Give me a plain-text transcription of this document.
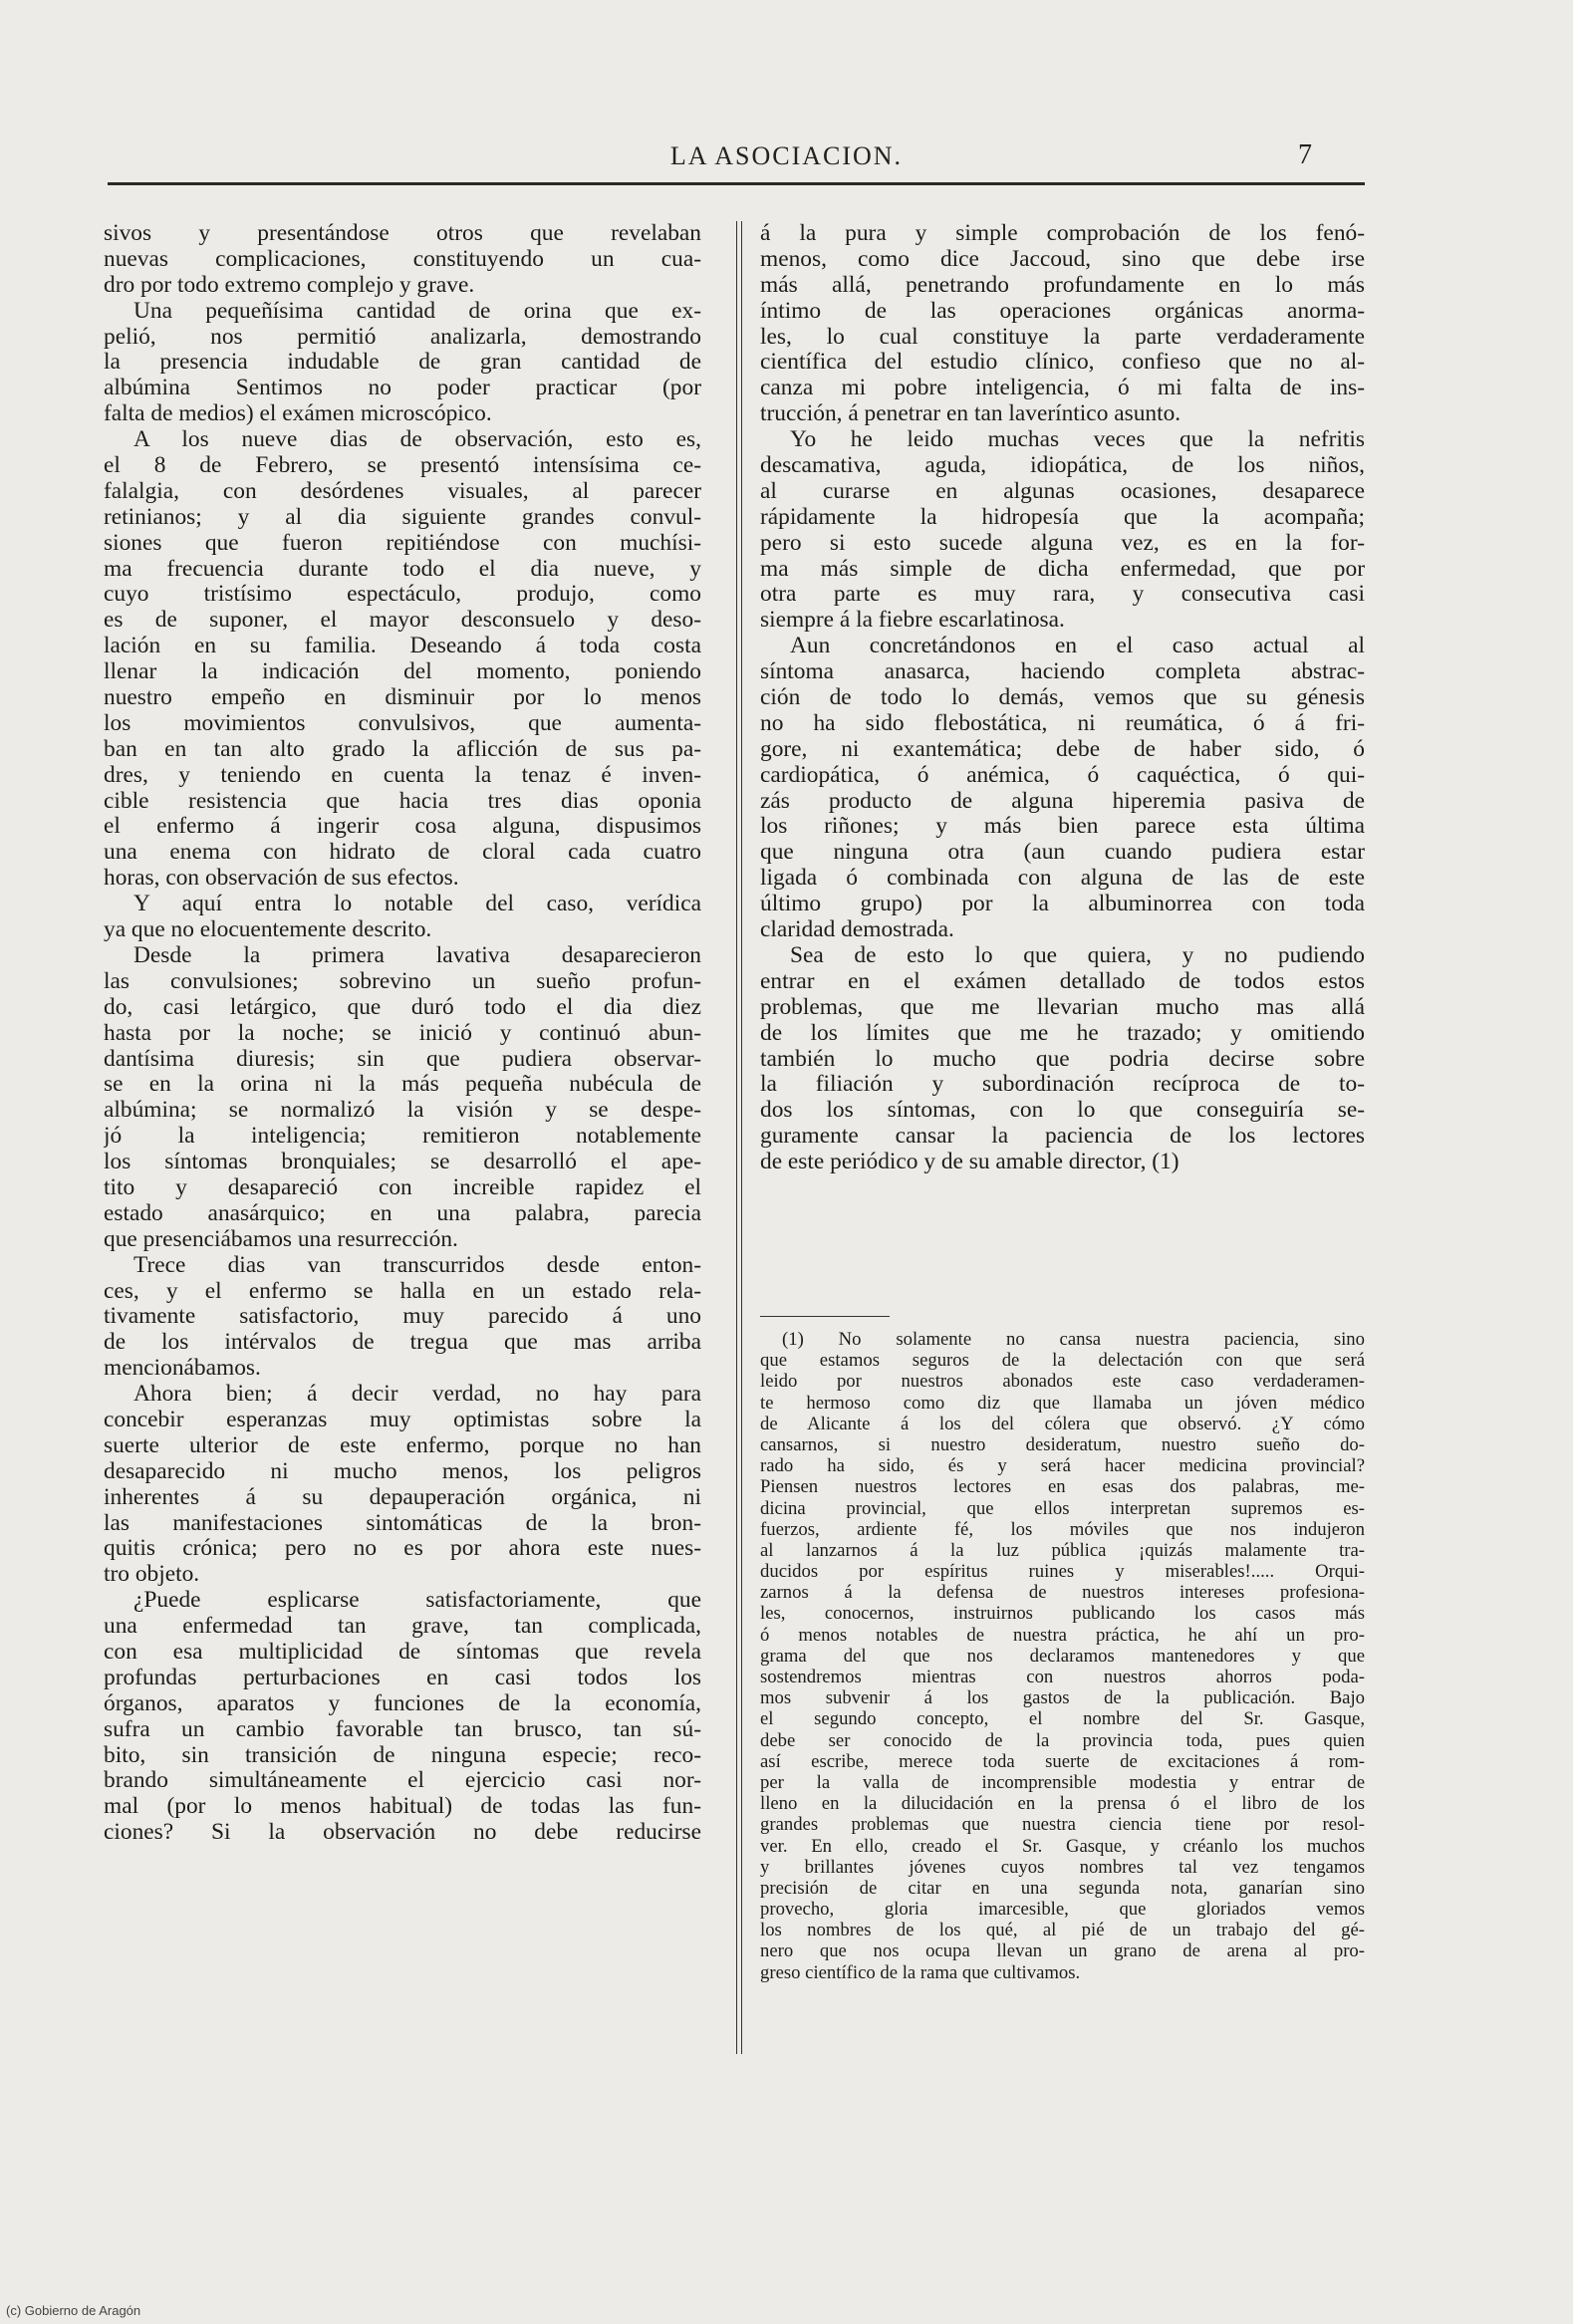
LA ASOCIACION.	7
sivos y presentándose otros que revelaban
nuevas complicaciones, constituyendo un cua-
dro por todo extremo complejo y grave.
Una pequeñísima cantidad de orina que ex-
pelió, nos permitió analizarla, demostrando
la presencia indudable de gran cantidad de
albúmina Sentimos no poder practicar (por
falta de medios) el exámen microscópico.
A los nueve dias de observación, esto es,
el 8 de Febrero, se presentó intensísima ce-
falalgia, con desórdenes visuales, al parecer
retinianos; y al dia siguiente grandes convul-
siones que fueron repitiéndose con muchísi-
ma frecuencia durante todo el dia nueve, y
cuyo tristísimo espectáculo, produjo, como
es de suponer, el mayor desconsuelo y deso-
lación en su familia. Deseando á toda costa
llenar la indicación del momento, poniendo
nuestro empeño en disminuir por lo menos
los movimientos convulsivos, que aumenta-
ban en tan alto grado la aflicción de sus pa-
dres, y teniendo en cuenta la tenaz é inven-
cible resistencia que hacia tres dias oponia
el enfermo á ingerir cosa alguna, dispusimos
una enema con hidrato de cloral cada cuatro
horas, con observación de sus efectos.
Y aquí entra lo notable del caso, verídica
ya que no elocuentemente descrito.
Desde la primera lavativa desaparecieron
las convulsiones; sobrevino un sueño profun-
do, casi letárgico, que duró todo el dia diez
hasta por la noche; se inició y continuó abun-
dantísima diuresis; sin que pudiera observar-
se en la orina ni la más pequeña nubécula de
albúmina; se normalizó la visión y se despe-
jó la inteligencia; remitieron notablemente
los síntomas bronquiales; se desarrolló el ape-
tito y desapareció con increible rapidez el
estado anasárquico; en una palabra, parecia
que presenciábamos una resurrección.
Trece dias van transcurridos desde enton-
ces, y el enfermo se halla en un estado rela-
tivamente satisfactorio, muy parecido á uno
de los intérvalos de tregua que mas arriba
mencionábamos.
Ahora bien; á decir verdad, no hay para
concebir esperanzas muy optimistas sobre la
suerte ulterior de este enfermo, porque no han
desaparecido ni mucho menos, los peligros
inherentes á su depauperación orgánica, ni
las manifestaciones sintomáticas de la bron-
quitis crónica; pero no es por ahora este nues-
tro objeto.
¿Puede esplicarse satisfactoriamente, que
una enfermedad tan grave, tan complicada,
con esa multiplicidad de síntomas que revela
profundas perturbaciones en casi todos los
órganos, aparatos y funciones de la economía,
sufra un cambio favorable tan brusco, tan sú-
bito, sin transición de ninguna especie; reco-
brando simultáneamente el ejercicio casi nor-
mal (por lo menos habitual) de todas las fun-
ciones? Si la observación no debe reducirse
á la pura y simple comprobación de los fenó-
menos, como dice Jaccoud, sino que debe irse
más allá, penetrando profundamente en lo más
íntimo de las operaciones orgánicas anorma-
les, lo cual constituye la parte verdaderamente
científica del estudio clínico, confieso que no al-
canza mi pobre inteligencia, ó mi falta de ins-
trucción, á penetrar en tan laveríntico asunto.
Yo he leido muchas veces que la nefritis
descamativa, aguda, idiopática, de los niños,
al curarse en algunas ocasiones, desaparece
rápidamente la hidropesía que la acompaña;
pero si esto sucede alguna vez, es en la for-
ma más simple de dicha enfermedad, que por
otra parte es muy rara, y consecutiva casi
siempre á la fiebre escarlatinosa.
Aun concretándonos en el caso actual al
síntoma anasarca, haciendo completa abstrac-
ción de todo lo demás, vemos que su génesis
no ha sido flebostática, ni reumática, ó á fri-
gore, ni exantemática; debe de haber sido, ó
cardiopática, ó anémica, ó caquéctica, ó qui-
zás producto de alguna hiperemia pasiva de
los riñones; y más bien parece esta última
que ninguna otra (aun cuando pudiera estar
ligada ó combinada con alguna de las de este
último grupo) por la albuminorrea con toda
claridad demostrada.
Sea de esto lo que quiera, y no pudiendo
entrar en el exámen detallado de todos estos
problemas, que me llevarian mucho mas allá
de los límites que me he trazado; y omitiendo
también lo mucho que podria decirse sobre
la filiación y subordinación recíproca de to-
dos los síntomas, con lo que conseguiría se-
guramente cansar la paciencia de los lectores
de este periódico y de su amable director, (1)
(1) No solamente no cansa nuestra paciencia, sino
que estamos seguros de la delectación con que será
leido por nuestros abonados este caso verdaderamen-
te hermoso como diz que llamaba un jóven médico
de Alicante á los del cólera que observó. ¿Y cómo
cansarnos, si nuestro desideratum, nuestro sueño do-
rado ha sido, és y será hacer medicina provincial?
Piensen nuestros lectores en esas dos palabras, me-
dicina provincial, que ellos interpretan supremos es-
fuerzos, ardiente fé, los móviles que nos indujeron
al lanzarnos á la luz pública ¡quizás malamente tra-
ducidos por espíritus ruines y miserables!..... Orqui-
zarnos á la defensa de nuestros intereses profesiona-
les, conocernos, instruirnos publicando los casos más
ó menos notables de nuestra práctica, he ahí un pro-
grama del que nos declaramos mantenedores y que
sostendremos mientras con nuestros ahorros poda-
mos subvenir á los gastos de la publicación. Bajo
el segundo concepto, el nombre del Sr. Gasque,
debe ser conocido de la provincia toda, pues quien
así escribe, merece toda suerte de excitaciones á rom-
per la valla de incomprensible modestia y entrar de
lleno en la dilucidación en la prensa ó el libro de los
grandes problemas que nuestra ciencia tiene por resol-
ver. En ello, creado el Sr. Gasque, y créanlo los muchos
y brillantes jóvenes cuyos nombres tal vez tengamos
precisión de citar en una segunda nota, ganarían sino
provecho, gloria imarcesible, que gloriados vemos
los nombres de los qué, al pié de un trabajo del gé-
nero que nos ocupa llevan un grano de arena al pro-
greso científico de la rama que cultivamos.
(c) Gobierno de Aragón
